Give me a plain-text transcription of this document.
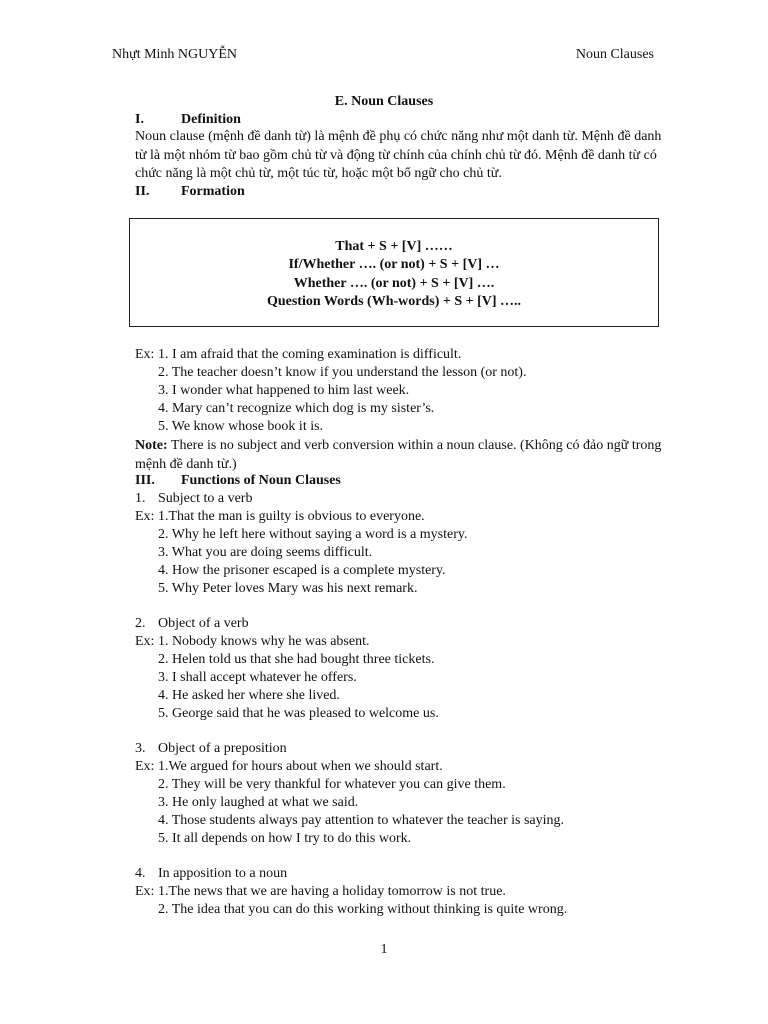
Nhựt Minh NGUYỄN	Noun Clauses
E. Noun Clauses
I.	Definition
Noun clause (mệnh đề danh từ) là mệnh đề phụ có chức năng như một danh từ. Mệnh đề danh từ là một nhóm từ bao gồm chủ từ và động từ chính của chính chủ từ đó. Mệnh đề danh từ có chức năng là một chủ từ, một túc từ, hoặc một bổ ngữ cho chủ từ.
II. Formation
That + S + [V] ……
If/Whether …. (or not) + S + [V] …
Whether …. (or not) + S + [V] ….
Question Words (Wh-words) + S + [V] …..
Ex: 1. I am afraid that the coming examination is difficult.
2. The teacher doesn’t know if you understand the lesson (or not).
3. I wonder what happened to him last week.
4. Mary can’t recognize which dog is my sister’s.
5. We know whose book it is.
Note: There is no subject and verb conversion within a noun clause. (Không có đảo ngữ trong mệnh đề danh từ.)
III. Functions of Noun Clauses
1. Subject to a verb
Ex: 1.That the man is guilty is obvious to everyone.
2. Why he left here without saying a word is a mystery.
3. What you are doing seems difficult.
4. How the prisoner escaped is a complete mystery.
5. Why Peter loves Mary was his next remark.
2. Object of a verb
Ex: 1. Nobody knows why he was absent.
2. Helen told us that she had bought three tickets.
3. I shall accept whatever he offers.
4. He asked her where she lived.
5. George said that he was pleased to welcome us.
3. Object of a preposition
Ex: 1.We argued for hours about when we should start.
2. They will be very thankful for whatever you can give them.
3. He only laughed at what we said.
4. Those students always pay attention to whatever the teacher is saying.
5. It all depends on how I try to do this work.
4. In apposition to a noun
Ex: 1.The news that we are having a holiday tomorrow is not true.
2. The idea that you can do this working without thinking is quite wrong.
1
